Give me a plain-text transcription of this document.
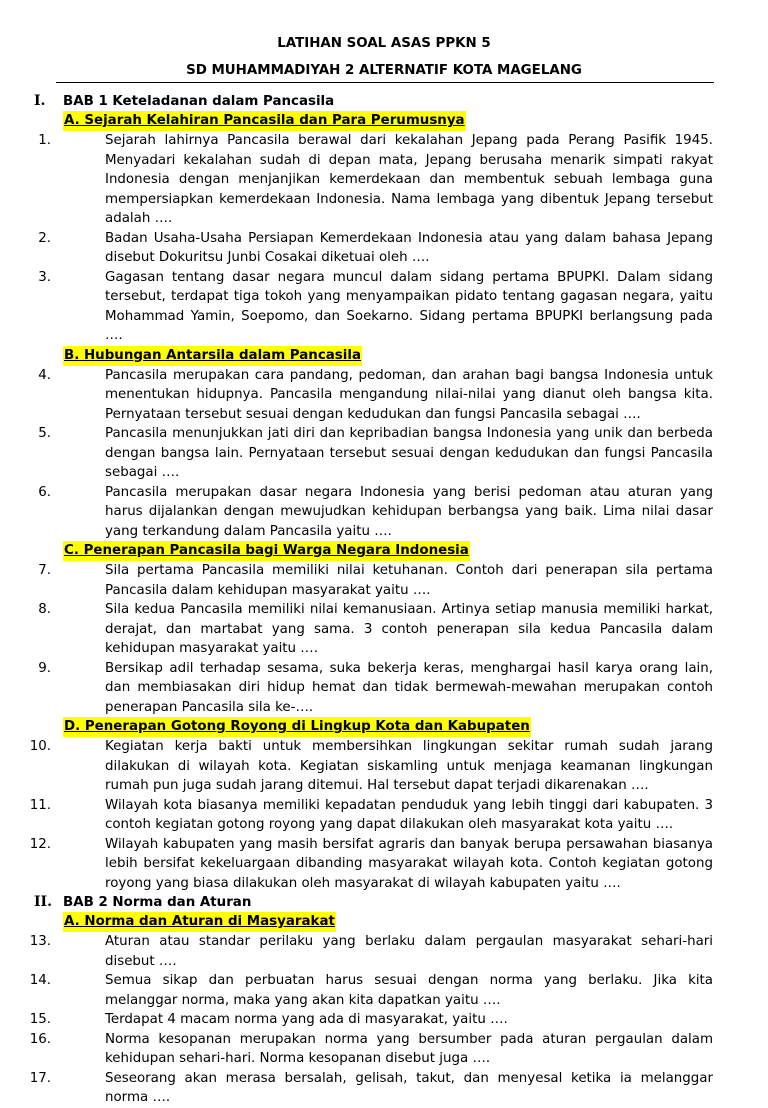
LATIHAN SOAL ASAS PPKN 5
SD MUHAMMADIYAH 2 ALTERNATIF KOTA MAGELANG
I. BAB 1 Keteladanan dalam Pancasila
A. Sejarah Kelahiran Pancasila dan Para Perumusnya
1.	Sejarah lahirnya Pancasila berawal dari kekalahan Jepang pada Perang Pasifik 1945. Menyadari kekalahan sudah di depan mata, Jepang berusaha menarik simpati rakyat Indonesia dengan menjanjikan kemerdekaan dan membentuk sebuah lembaga guna mempersiapkan kemerdekaan Indonesia. Nama lembaga yang dibentuk Jepang tersebut adalah ….
2.	Badan Usaha-Usaha Persiapan Kemerdekaan Indonesia atau yang dalam bahasa Jepang disebut Dokuritsu Junbi Cosakai diketuai oleh ….
3.	Gagasan tentang dasar negara muncul dalam sidang pertama BPUPKI. Dalam sidang tersebut, terdapat tiga tokoh yang menyampaikan pidato tentang gagasan negara, yaitu Mohammad Yamin, Soepomo, dan Soekarno. Sidang pertama BPUPKI berlangsung pada ….
B. Hubungan Antarsila dalam Pancasila
4.	Pancasila merupakan cara pandang, pedoman, dan arahan bagi bangsa Indonesia untuk menentukan hidupnya. Pancasila mengandung nilai-nilai yang dianut oleh bangsa kita. Pernyataan tersebut sesuai dengan kedudukan dan fungsi Pancasila sebagai ….
5.	Pancasila menunjukkan jati diri dan kepribadian bangsa Indonesia yang unik dan berbeda dengan bangsa lain. Pernyataan tersebut sesuai dengan kedudukan dan fungsi Pancasila sebagai ….
6.	Pancasila merupakan dasar negara Indonesia yang berisi pedoman atau aturan yang harus dijalankan dengan mewujudkan kehidupan berbangsa yang baik. Lima nilai dasar yang terkandung dalam Pancasila yaitu ….
C. Penerapan Pancasila bagi Warga Negara Indonesia
7.	Sila pertama Pancasila memiliki nilai ketuhanan. Contoh dari penerapan sila pertama Pancasila dalam kehidupan masyarakat yaitu ….
8.	Sila kedua Pancasila memiliki nilai kemanusiaan. Artinya setiap manusia memiliki harkat, derajat, dan martabat yang sama. 3 contoh penerapan sila kedua Pancasila dalam kehidupan masyarakat yaitu ….
9.	Bersikap adil terhadap sesama, suka bekerja keras, menghargai hasil karya orang lain, dan membiasakan diri hidup hemat dan tidak bermewah-mewahan merupakan contoh penerapan Pancasila sila ke-….
D. Penerapan Gotong Royong di Lingkup Kota dan Kabupaten
10.	Kegiatan kerja bakti untuk membersihkan lingkungan sekitar rumah sudah jarang dilakukan di wilayah kota. Kegiatan siskamling untuk menjaga keamanan lingkungan rumah pun juga sudah jarang ditemui. Hal tersebut dapat terjadi dikarenakan ….
11.	Wilayah kota biasanya memiliki kepadatan penduduk yang lebih tinggi dari kabupaten. 3 contoh kegiatan gotong royong yang dapat dilakukan oleh masyarakat kota yaitu ….
12.	Wilayah kabupaten yang masih bersifat agraris dan banyak berupa persawahan biasanya lebih bersifat kekeluargaan dibanding masyarakat wilayah kota. Contoh kegiatan gotong royong yang biasa dilakukan oleh masyarakat di wilayah kabupaten yaitu ….
II. BAB 2 Norma dan Aturan
A. Norma dan Aturan di Masyarakat
13.	Aturan atau standar perilaku yang berlaku dalam pergaulan masyarakat sehari-hari disebut ….
14.	Semua sikap dan perbuatan harus sesuai dengan norma yang berlaku. Jika kita melanggar norma, maka yang akan kita dapatkan yaitu ….
15.	Terdapat 4 macam norma yang ada di masyarakat, yaitu ….
16.	Norma kesopanan merupakan norma yang bersumber pada aturan pergaulan dalam kehidupan sehari-hari. Norma kesopanan disebut juga ….
17.	Seseorang akan merasa bersalah, gelisah, takut, dan menyesal ketika ia melanggar norma ….
